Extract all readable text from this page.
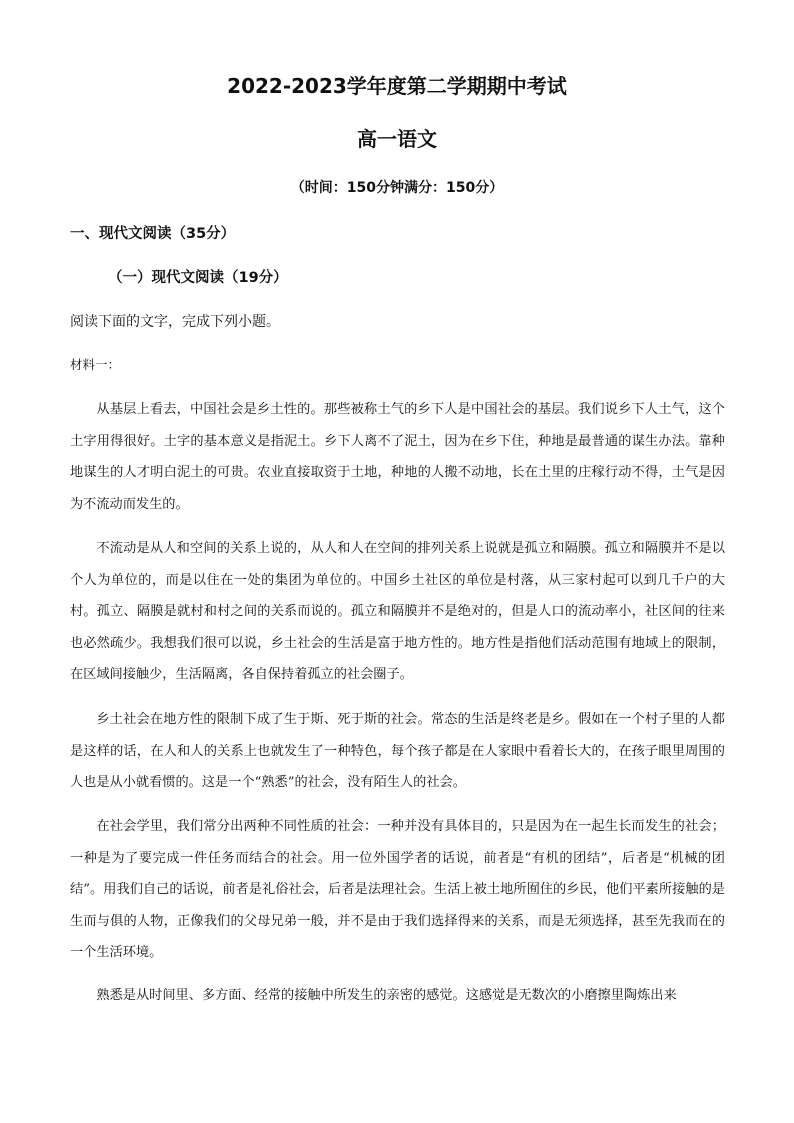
2022-2023学年度第二学期期中考试
高一语文
（时间：150分钟满分：150分）
一、现代文阅读（35分）
（一）现代文阅读（19分）
阅读下面的文字，完成下列小题。
材料一：

从基层上看去，中国社会是乡土性的。那些被称土气的乡下人是中国社会的基层。我们说乡下人土气，这个土字用得很好。土字的基本意义是指泥土。乡下人离不了泥土，因为在乡下住，种地是最普通的谋生办法。靠种地谋生的人才明白泥土的可贵。农业直接取资于土地，种地的人搬不动地，长在土里的庄稼行动不得，土气是因为不流动而发生的。

不流动是从人和空间的关系上说的，从人和人在空间的排列关系上说就是孤立和隔膜。孤立和隔膜并不是以个人为单位的，而是以住在一处的集团为单位的。中国乡土社区的单位是村落，从三家村起可以到几千户的大村。孤立、隔膜是就村和村之间的关系而说的。孤立和隔膜并不是绝对的，但是人口的流动率小，社区间的往来也必然疏少。我想我们很可以说，乡土社会的生活是富于地方性的。地方性是指他们活动范围有地域上的限制，在区域间接触少，生活隔离，各自保持着孤立的社会圈子。

乡土社会在地方性的限制下成了生于斯、死于斯的社会。常态的生活是终老是乡。假如在一个村子里的人都是这样的话，在人和人的关系上也就发生了一种特色，每个孩子都是在人家眼中看着长大的，在孩子眼里周围的人也是从小就看惯的。这是一个“熟悉”的社会，没有陌生人的社会。

在社会学里，我们常分出两种不同性质的社会：一种并没有具体目的，只是因为在一起生长而发生的社会；一种是为了要完成一件任务而结合的社会。用一位外国学者的话说，前者是“有机的团结”，后者是“机械的团结”。用我们自己的话说，前者是礼俗社会，后者是法理社会。生活上被土地所囿住的乡民，他们平素所接触的是生而与俱的人物，正像我们的父母兄弟一般，并不是由于我们选择得来的关系，而是无须选择，甚至先我而在的一个生活环境。

熟悉是从时间里、多方面、经常的接触中所发生的亲密的感觉。这感觉是无数次的小磨擦里陶炼出来
